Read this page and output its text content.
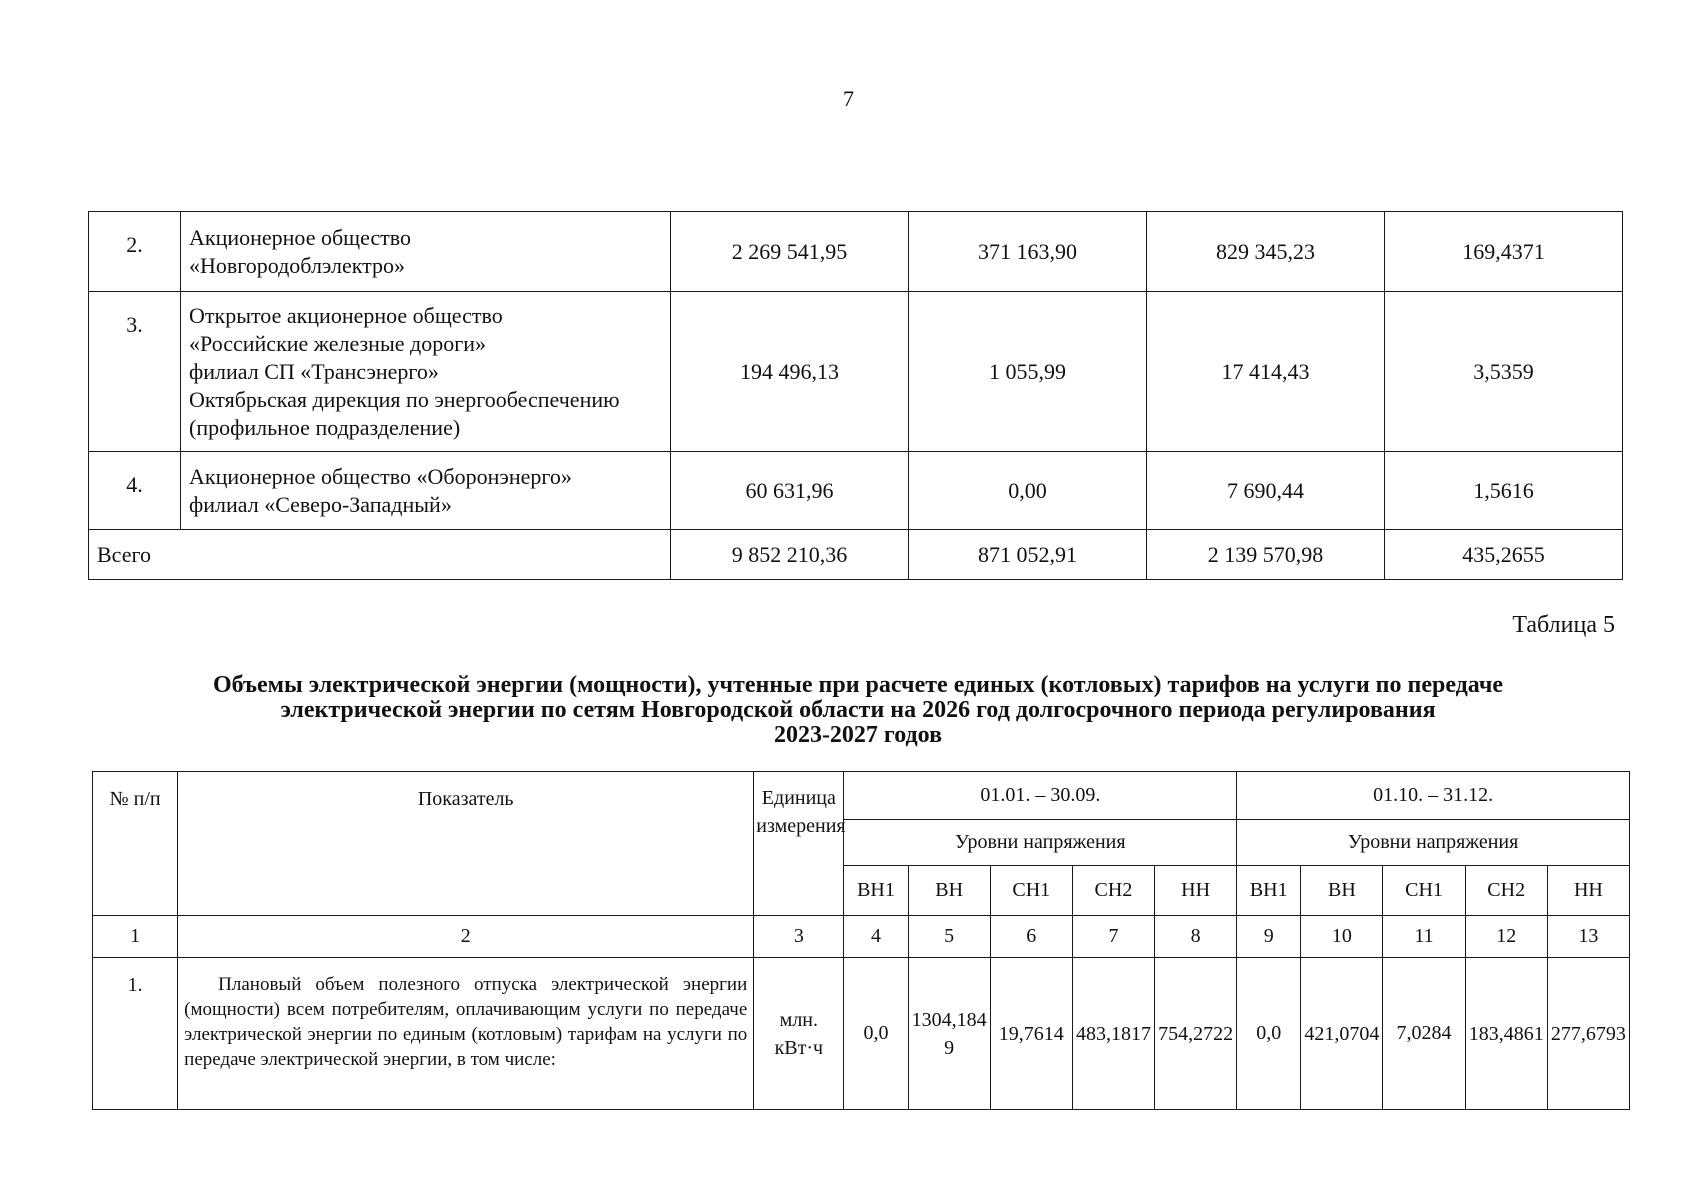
7
2.	Акционерное общество
«Новгородоблэлектро»	2 269 541,95	371 163,90	829 345,23	169,4371
3.	Открытое акционерное общество
«Российские железные дороги»
филиал СП «Трансэнерго»
Октябрьская дирекция по энергообеспечению
(профильное подразделение)	194 496,13	1 055,99	17 414,43	3,5359
4.	Акционерное общество «Оборонэнерго»
филиал «Северо-Западный»	60 631,96	0,00	7 690,44	1,5616
Всего		9 852 210,36	871 052,91	2 139 570,98	435,2655
Таблица 5
Объемы электрической энергии (мощности), учтенные при расчете единых (котловых) тарифов на услуги по передаче
электрической энергии по сетям Новгородской области на 2026 год долгосрочного периода регулирования
2023-2027 годов
№ п/п	Показатель	Единица измерения	01.01. – 30.09.					01.10. – 31.12.				
			Уровни напряжения					Уровни напряжения				
			ВН1	ВН	СН1	СН2	НН	ВН1	ВН	СН1	СН2	НН
1	2	3	4	5	6	7	8	9	10	11	12	13
1.	Плановый объем полезного отпуска электрической энергии (мощности) всем потребителям, оплачивающим услуги по передаче электрической энергии по единым (котловым) тарифам на услуги по передаче электрической энергии, в том числе:	млн. кВт·ч	0,0	1304,1849	19,7614	483,1817	754,2722	0,0	421,0704	7,0284	183,4861	277,6793
